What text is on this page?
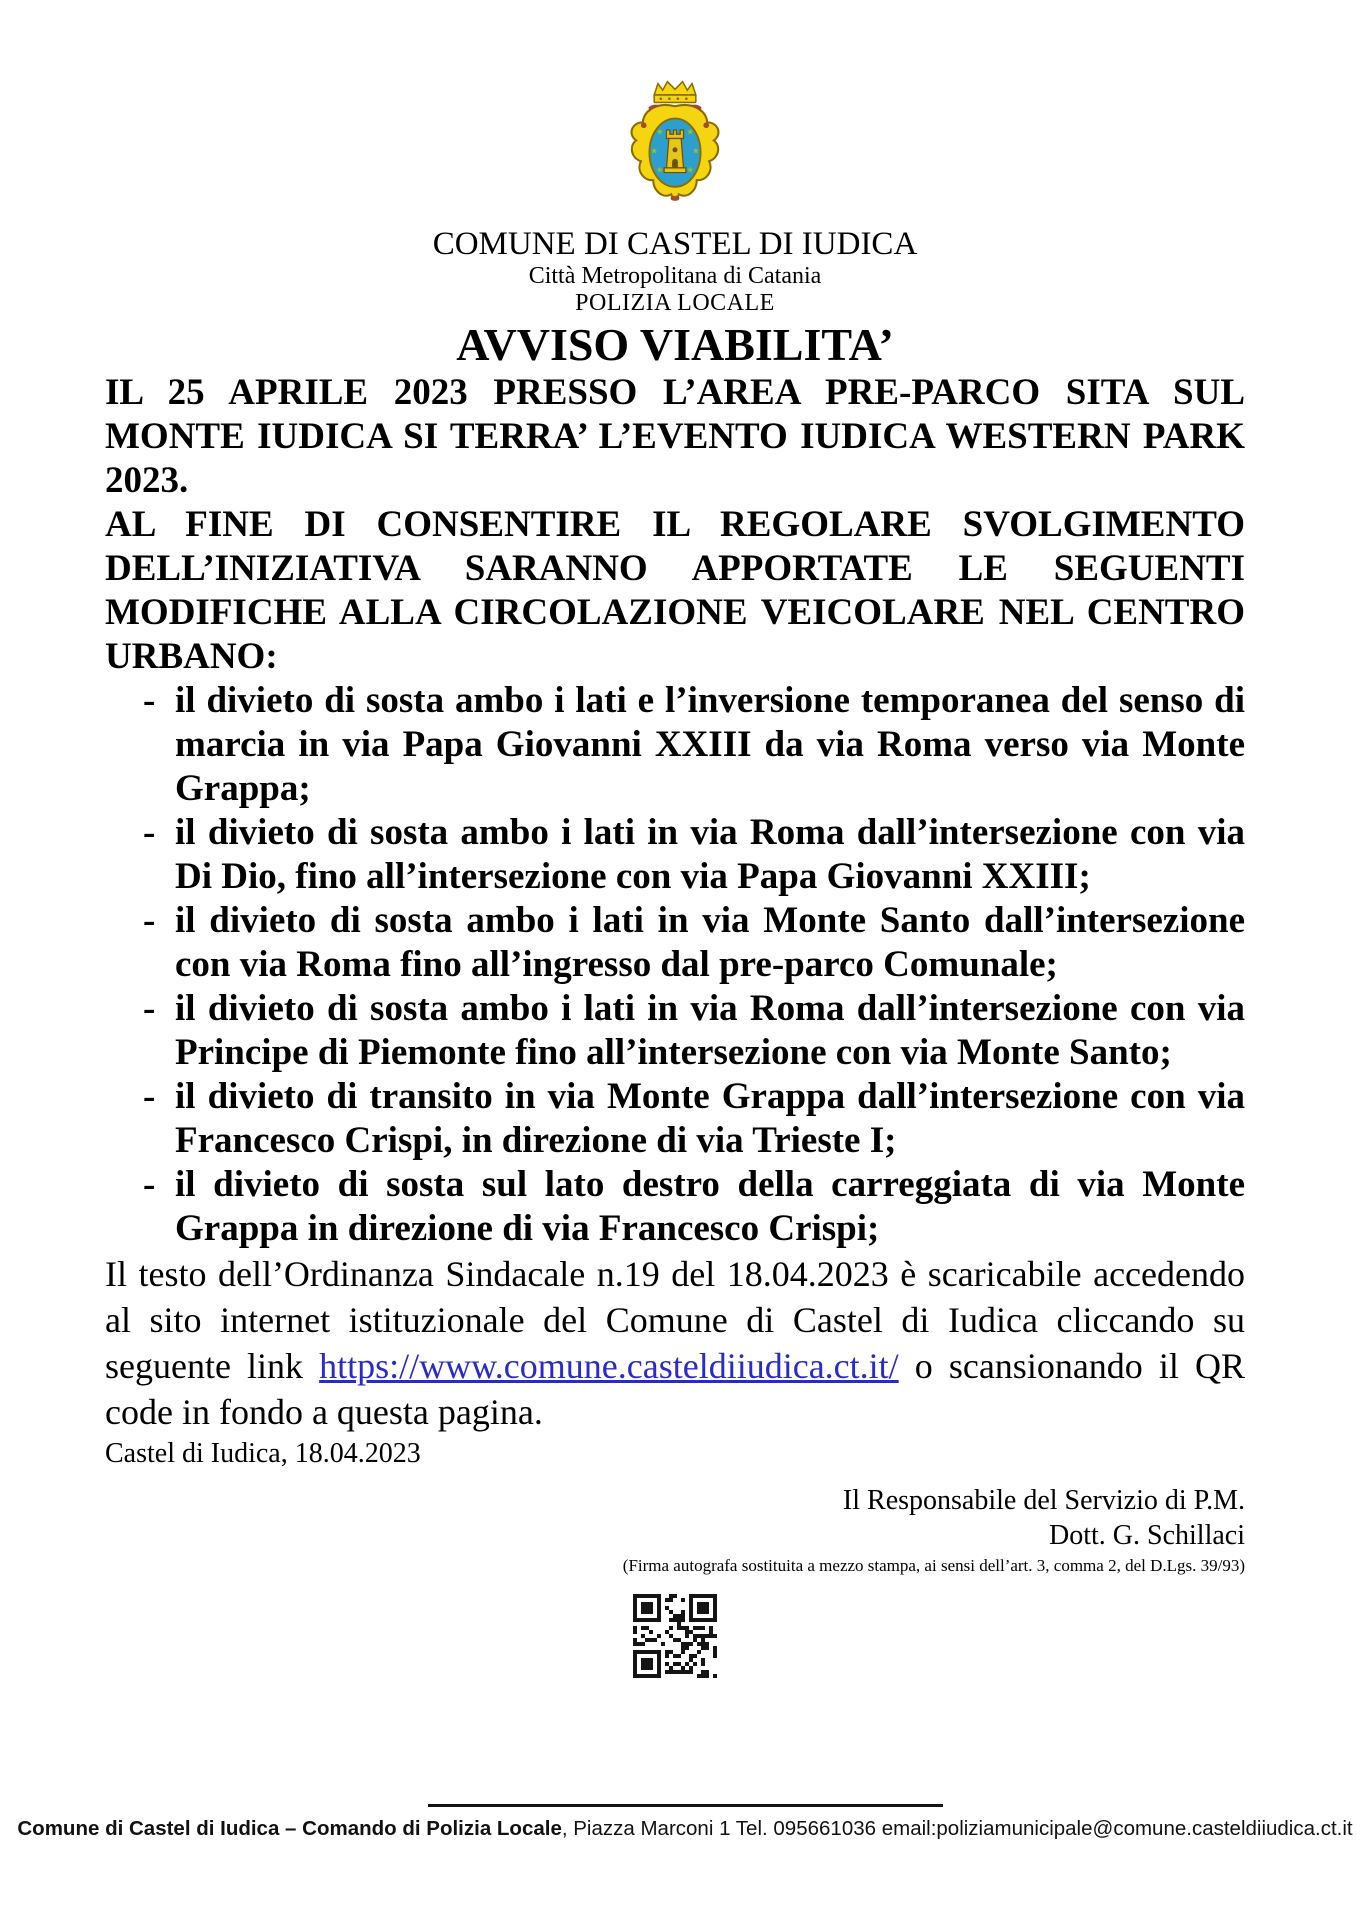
★	★
★	★
★	★
COMUNE DI CASTEL DI IUDICA

Città Metropolitana di Catania

POLIZIA LOCALE

AVVISO VIABILITA’

IL 25 APRILE 2023 PRESSO L’AREA PRE-PARCO SITA SUL MONTE IUDICA SI TERRA’ L’EVENTO IUDICA WESTERN PARK 2023.

AL FINE DI CONSENTIRE IL REGOLARE SVOLGIMENTO DELL’INIZIATIVA SARANNO APPORTATE LE SEGUENTI MODIFICHE ALLA CIRCOLAZIONE VEICOLARE NEL CENTRO URBANO:

- il divieto di sosta ambo i lati e l’inversione temporanea del senso di marcia in via Papa Giovanni XXIII da via Roma verso via Monte Grappa;
- il divieto di sosta ambo i lati in via Roma dall’intersezione con via Di Dio, fino all’intersezione con via Papa Giovanni XXIII;
- il divieto di sosta ambo i lati in via Monte Santo dall’intersezione con via Roma fino all’ingresso dal pre-parco Comunale;
- il divieto di sosta ambo i lati in via Roma dall’intersezione con via Principe di Piemonte fino all’intersezione con via Monte Santo;
- il divieto di transito in via Monte Grappa dall’intersezione con via Francesco Crispi, in direzione di via Trieste I;
- il divieto di sosta sul lato destro della carreggiata di via Monte Grappa in direzione di via Francesco Crispi;

Il testo dell’Ordinanza Sindacale n.19 del 18.04.2023 è scaricabile accedendo al sito internet istituzionale del Comune di Castel di Iudica cliccando su seguente link https://www.comune.casteldiiudica.ct.it/ o scansionando il QR code in fondo a questa pagina.

Castel di Iudica, 18.04.2023

Il Responsabile del Servizio di P.M.

Dott. G. Schillaci

(Firma autografa sostituita a mezzo stampa, ai sensi dell’art. 3, comma 2, del D.Lgs. 39/93)

Comune di Castel di Iudica – Comando di Polizia Locale, Piazza Marconi 1 Tel. 095661036 email:poliziamunicipale@comune.casteldiiudica.ct.it
